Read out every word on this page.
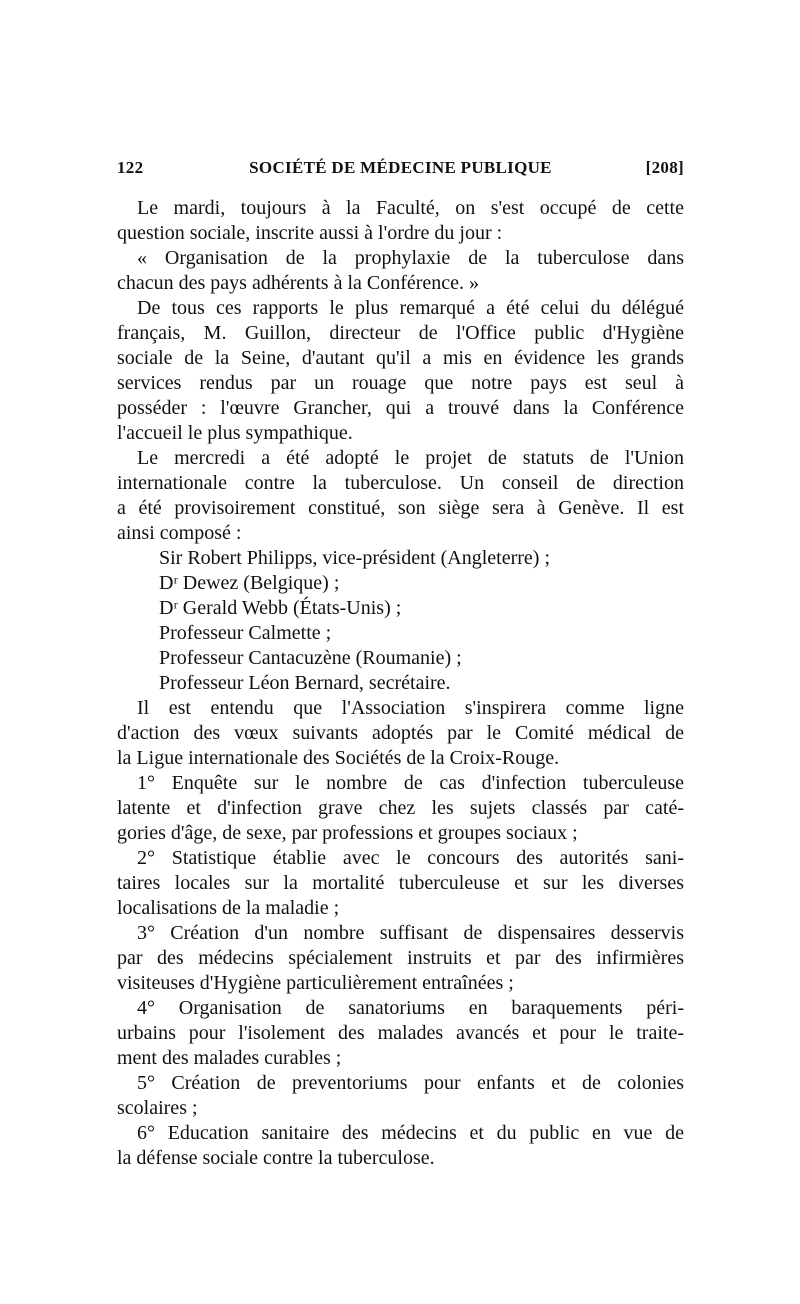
122	SOCIÉTÉ DE MÉDECINE PUBLIQUE	[208]
Le mardi, toujours à la Faculté, on s'est occupé de cette
question sociale, inscrite aussi à l'ordre du jour :
« Organisation de la prophylaxie de la tuberculose dans
chacun des pays adhérents à la Conférence. »
De tous ces rapports le plus remarqué a été celui du délégué
français, M. Guillon, directeur de l'Office public d'Hygiène
sociale de la Seine, d'autant qu'il a mis en évidence les grands
services rendus par un rouage que notre pays est seul à
posséder : l'œuvre Grancher, qui a trouvé dans la Conférence
l'accueil le plus sympathique.
Le mercredi a été adopté le projet de statuts de l'Union
internationale contre la tuberculose. Un conseil de direction
a été provisoirement constitué, son siège sera à Genève. Il est
ainsi composé :
Sir Robert Philipps, vice-président (Angleterre) ;
Dʳ Dewez (Belgique) ;
Dʳ Gerald Webb (États-Unis) ;
Professeur Calmette ;
Professeur Cantacuzène (Roumanie) ;
Professeur Léon Bernard, secrétaire.
Il est entendu que l'Association s'inspirera comme ligne
d'action des vœux suivants adoptés par le Comité médical de
la Ligue internationale des Sociétés de la Croix-Rouge.
1° Enquête sur le nombre de cas d'infection tuberculeuse
latente et d'infection grave chez les sujets classés par caté-
gories d'âge, de sexe, par professions et groupes sociaux ;
2° Statistique établie avec le concours des autorités sani-
taires locales sur la mortalité tuberculeuse et sur les diverses
localisations de la maladie ;
3° Création d'un nombre suffisant de dispensaires desservis
par des médecins spécialement instruits et par des infirmières
visiteuses d'Hygiène particulièrement entraînées ;
4° Organisation de sanatoriums en baraquements péri-
urbains pour l'isolement des malades avancés et pour le traite-
ment des malades curables ;
5° Création de preventoriums pour enfants et de colonies
scolaires ;
6° Education sanitaire des médecins et du public en vue de
la défense sociale contre la tuberculose.
